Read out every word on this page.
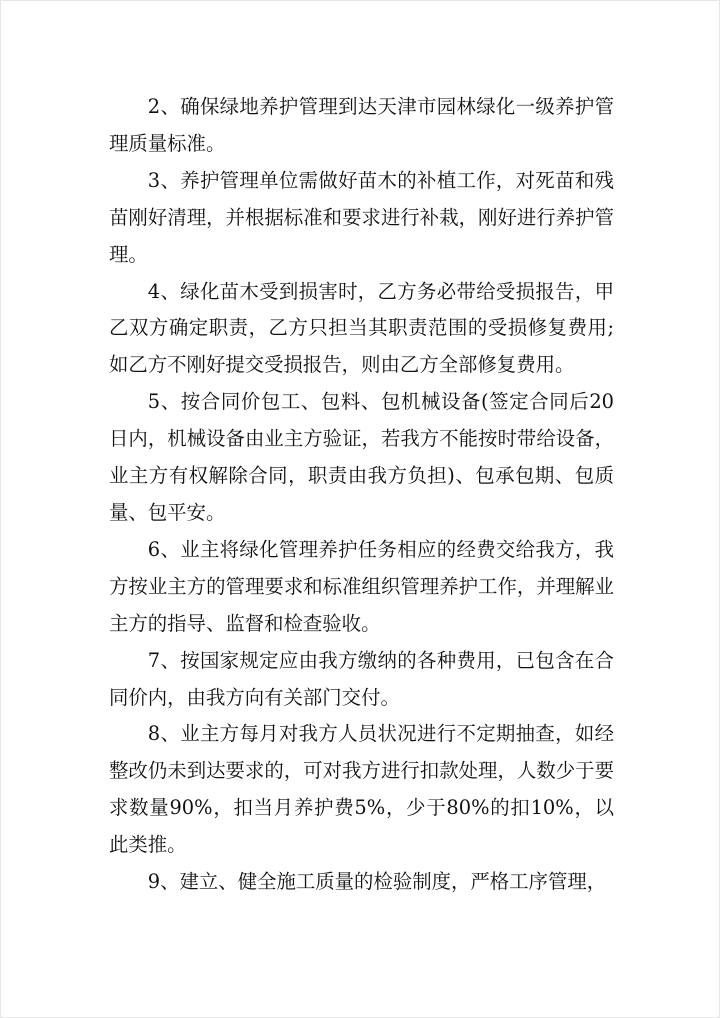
2、确保绿地养护管理到达天津市园林绿化一级养护管理质量标准。

3、养护管理单位需做好苗木的补植工作，对死苗和残苗刚好清理，并根据标准和要求进行补栽，刚好进行养护管理。

4、绿化苗木受到损害时，乙方务必带给受损报告，甲乙双方确定职责，乙方只担当其职责范围的受损修复费用;如乙方不刚好提交受损报告，则由乙方全部修复费用。

5、按合同价包工、包料、包机械设备(签定合同后20日内，机械设备由业主方验证，若我方不能按时带给设备，业主方有权解除合同，职责由我方负担)、包承包期、包质量、包平安。

6、业主将绿化管理养护任务相应的经费交给我方，我方按业主方的管理要求和标准组织管理养护工作，并理解业主方的指导、监督和检查验收。

7、按国家规定应由我方缴纳的各种费用，已包含在合同价内，由我方向有关部门交付。

8、业主方每月对我方人员状况进行不定期抽查，如经整改仍未到达要求的，可对我方进行扣款处理，人数少于要求数量90%，扣当月养护费5%，少于80%的扣10%，以此类推。

9、建立、健全施工质量的检验制度，严格工序管理，
